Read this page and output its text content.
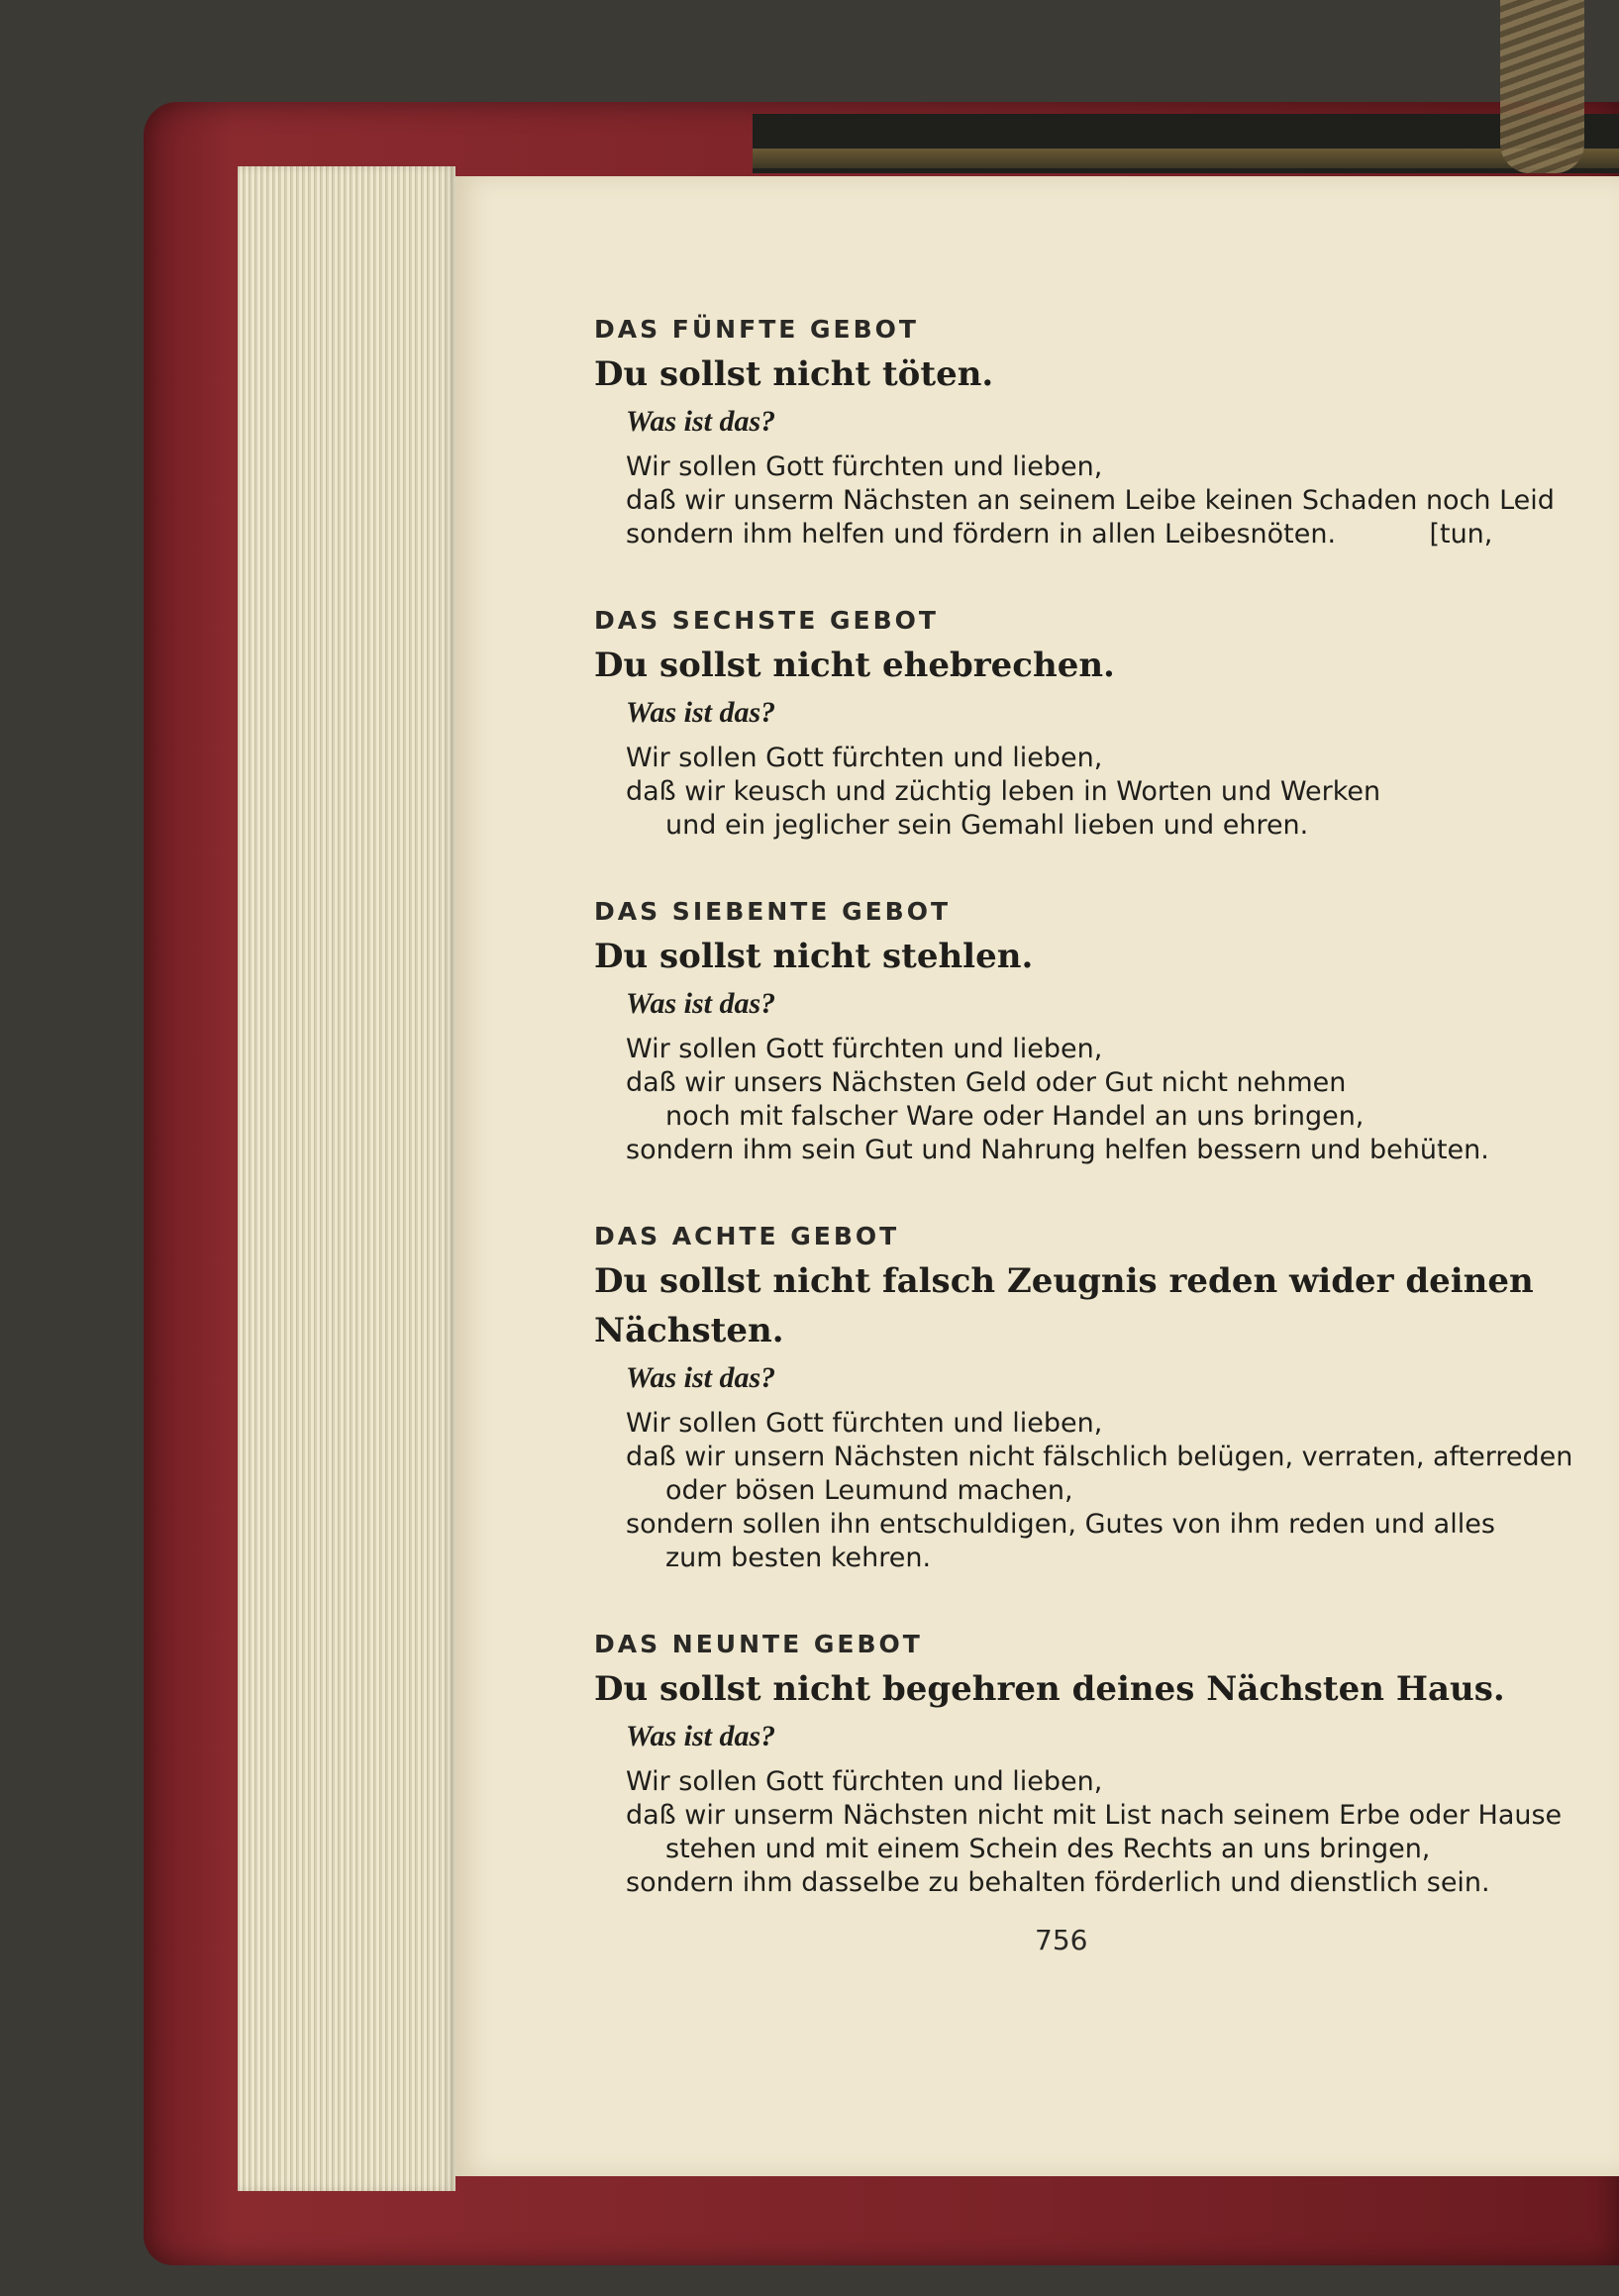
DAS FÜNFTE GEBOT

Du sollst nicht töten.

Was ist das?

Wir sollen Gott fürchten und lieben,
daß wir unserm Nächsten an seinem Leibe keinen Schaden noch Leid
sondern ihm helfen und fördern in allen Leibesnöten.           [tun,

DAS SECHSTE GEBOT

Du sollst nicht ehebrechen.

Was ist das?

Wir sollen Gott fürchten und lieben,
daß wir keusch und züchtig leben in Worten und Werken
und ein jeglicher sein Gemahl lieben und ehren.

DAS SIEBENTE GEBOT

Du sollst nicht stehlen.

Was ist das?

Wir sollen Gott fürchten und lieben,
daß wir unsers Nächsten Geld oder Gut nicht nehmen
noch mit falscher Ware oder Handel an uns bringen,
sondern ihm sein Gut und Nahrung helfen bessern und behüten.

DAS ACHTE GEBOT

Du sollst nicht falsch Zeugnis reden wider deinen Nächsten.

Was ist das?

Wir sollen Gott fürchten und lieben,
daß wir unsern Nächsten nicht fälschlich belügen, verraten, afterreden
oder bösen Leumund machen,
sondern sollen ihn entschuldigen, Gutes von ihm reden und alles
zum besten kehren.

DAS NEUNTE GEBOT

Du sollst nicht begehren deines Nächsten Haus.

Was ist das?

Wir sollen Gott fürchten und lieben,
daß wir unserm Nächsten nicht mit List nach seinem Erbe oder Hause
stehen und mit einem Schein des Rechts an uns bringen,
sondern ihm dasselbe zu behalten förderlich und dienstlich sein.
756
